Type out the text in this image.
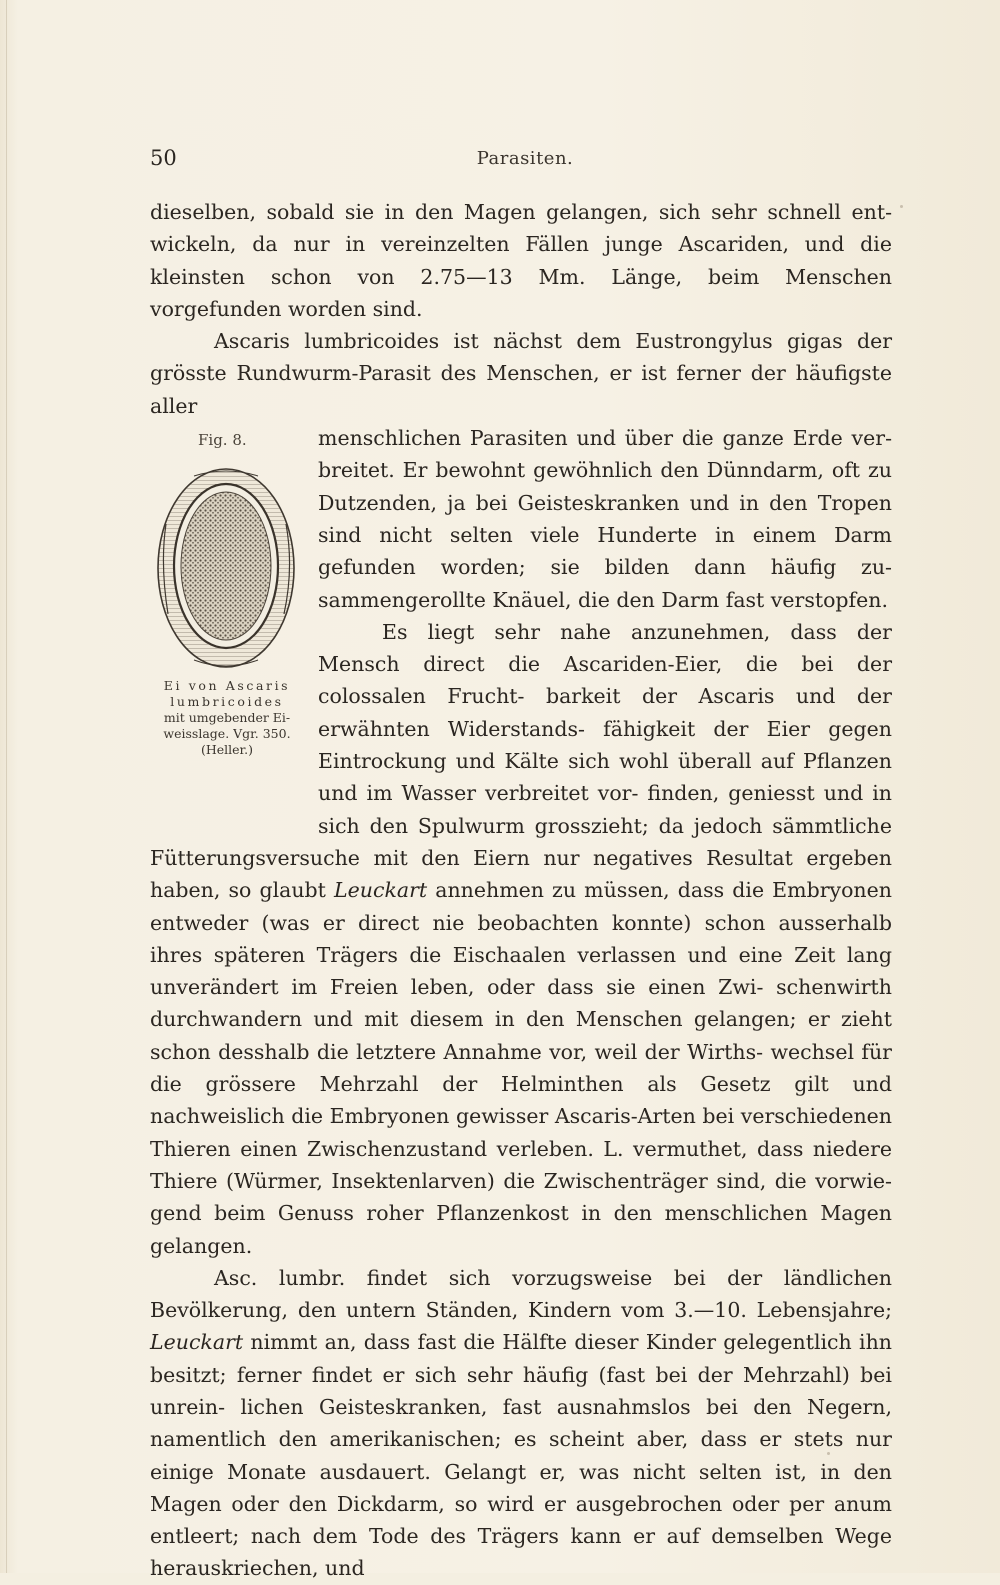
50	Parasiten.

dieselben, sobald sie in den Magen gelangen, sich sehr schnell ent- wickeln, da nur in vereinzelten Fällen junge Ascariden, und die kleinsten schon von 2.75—13 Mm. Länge, beim Menschen vorgefunden worden sind.

Ascaris lumbricoides ist nächst dem Eustrongylus gigas der grösste Rundwurm-Parasit des Menschen, er ist ferner der häufigste aller

Fig. 8.
Ei von Ascaris
lumbricoides
mit umgebender Ei-
weisslage. Vgr. 350.
(Heller.)
menschlichen Parasiten und über die ganze Erde ver- breitet. Er bewohnt gewöhnlich den Dünndarm, oft zu Dutzenden, ja bei Geisteskranken und in den Tropen sind nicht selten viele Hunderte in einem Darm gefunden worden; sie bilden dann häufig zu- sammengerollte Knäuel, die den Darm fast verstopfen.

Es liegt sehr nahe anzunehmen, dass der Mensch direct die Ascariden-Eier, die bei der colossalen Frucht- barkeit der Ascaris und der erwähnten Widerstands- fähigkeit der Eier gegen Eintrockung und Kälte sich wohl überall auf Pflanzen und im Wasser verbreitet vor- finden, geniesst und in sich den Spulwurm grosszieht; da jedoch sämmtliche Fütterungsversuche mit den Eiern nur negatives Resultat ergeben haben, so glaubt Leuckart annehmen zu müssen, dass die Embryonen entweder (was er direct nie beobachten konnte) schon ausserhalb ihres späteren Trägers die Eischaalen verlassen und eine Zeit lang unverändert im Freien leben, oder dass sie einen Zwi- schenwirth durchwandern und mit diesem in den Menschen gelangen; er zieht schon desshalb die letztere Annahme vor, weil der Wirths- wechsel für die grössere Mehrzahl der Helminthen als Gesetz gilt und nachweislich die Embryonen gewisser Ascaris-Arten bei verschiedenen Thieren einen Zwischenzustand verleben. L. vermuthet, dass niedere Thiere (Würmer, Insektenlarven) die Zwischenträger sind, die vorwie- gend beim Genuss roher Pflanzenkost in den menschlichen Magen gelangen.

Asc. lumbr. findet sich vorzugsweise bei der ländlichen Bevölkerung, den untern Ständen, Kindern vom 3.—10. Lebensjahre; Leuckart nimmt an, dass fast die Hälfte dieser Kinder gelegentlich ihn besitzt; ferner findet er sich sehr häufig (fast bei der Mehrzahl) bei unrein- lichen Geisteskranken, fast ausnahmslos bei den Negern, namentlich den amerikanischen; es scheint aber, dass er stets nur einige Monate ausdauert. Gelangt er, was nicht selten ist, in den Magen oder den Dickdarm, so wird er ausgebrochen oder per anum entleert; nach dem Tode des Trägers kann er auf demselben Wege herauskriechen, und
